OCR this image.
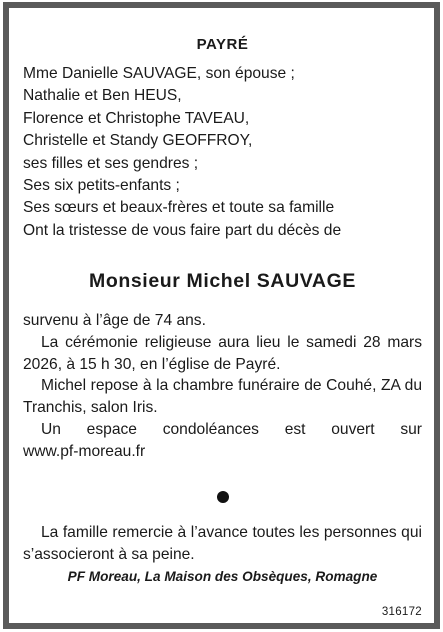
PAYRÉ
Mme Danielle SAUVAGE, son épouse ;
Nathalie et Ben HEUS,
Florence et Christophe TAVEAU,
Christelle et Standy GEOFFROY,
ses filles et ses gendres ;
Ses six petits-enfants ;
Ses sœurs et beaux-frères et toute sa famille
Ont la tristesse de vous faire part du décès de
Monsieur Michel SAUVAGE
survenu à l’âge de 74 ans.
La cérémonie religieuse aura lieu le samedi 28 mars 2026, à 15 h 30, en l’église de Payré.
Michel repose à la chambre funéraire de Couhé, ZA du Tranchis, salon Iris.
Un espace condoléances est ouvert sur
www.pf-moreau.fr
La famille remercie à l’avance toutes les personnes qui s’associeront à sa peine.
PF Moreau, La Maison des Obsèques, Romagne
316172
